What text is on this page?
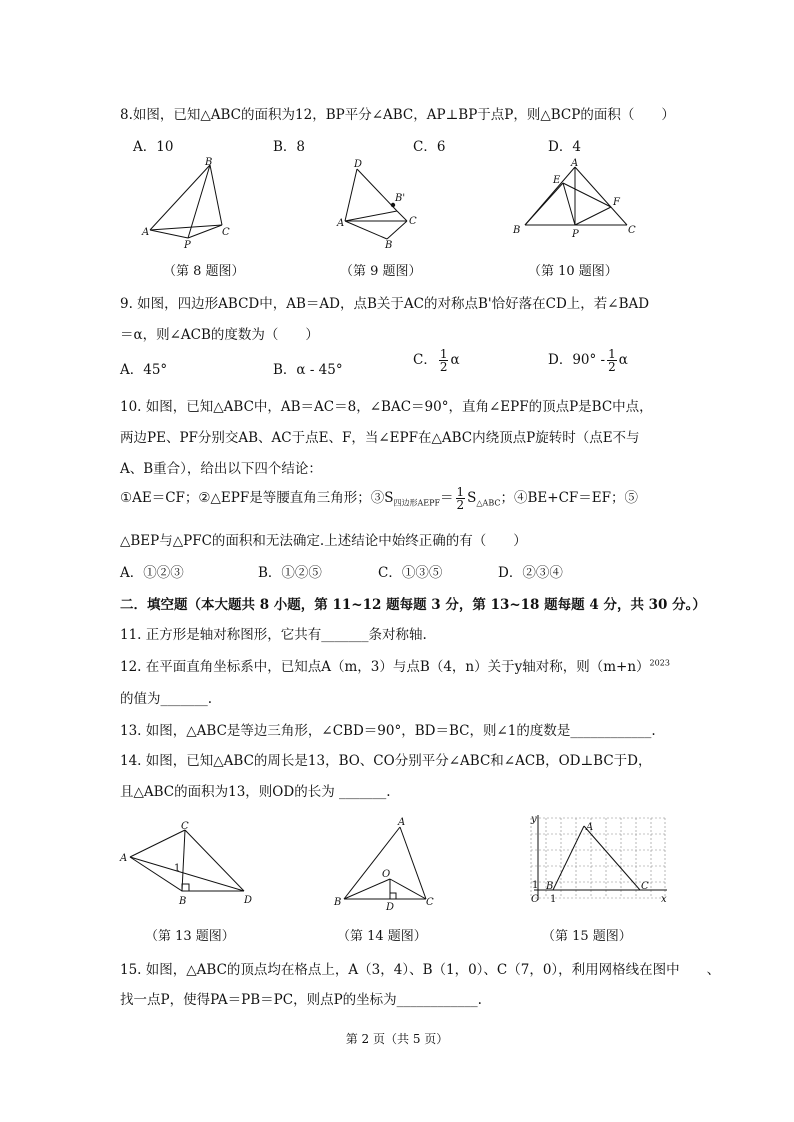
8.如图，已知△ABC的面积为12，BP平分∠ABC，AP⊥BP于点P，则△BCP的面积（　　）
A．10	B．8	C．6	D．4
B
A
P
C
D
B'
A	C
B
A
E
F
B	P	C
（第 8 题图）	（第 9 题图）	（第 10 题图）
9. 如图，四边形ABCD中，AB＝AD，点B关于AC的对称点B'恰好落在CD上，若∠BAD
＝α，则∠ACB的度数为（　　）
A．45°	B．α - 45°
C． $\frac{1}{2}$ α	D．$90^\circ - \frac{1}{2}$ α
10. 如图，已知△ABC中，AB＝AC＝8，∠BAC＝90°，直角∠EPF的顶点P是BC中点，
两边PE、PF分别交AB、AC于点E、F，当∠EPF在△ABC内绕顶点P旋转时（点E不与
A、B重合），给出以下四个结论：
①AE＝CF；②△EPF是等腰直角三角形；$③S_{四边形AEPF}= \frac{1}{2} S_{\triangle ABC}$；④BE+CF＝EF；⑤
△BEP与△PFC的面积和无法确定.上述结论中始终正确的有（　　）
A．①②③	B．①②⑤	C．①③⑤	D．②③④
二．填空题（本大题共 8 小题，第 11~12 题每题 3 分，第 13~18 题每题 4 分，共 30 分。）
11. 正方形是轴对称图形，它共有_______条对称轴.
12. 在平面直角坐标系中，已知点A（m，3）与点B（4，n）关于y轴对称，则$(m+n)^{2023}$
的值为_______.
13. 如图，△ABC是等边三角形，∠CBD＝90°，BD＝BC，则∠1的度数是____________.
14. 如图，已知△ABC的周长是13，BO、CO分别平分∠ABC和∠ACB，OD⊥BC于D，
且△ABC的面积为13，则OD的长为 _______.
C
A
1
B	D
A
O
B	D	C
y
A
1 B	C
O 1	x
（第 13 题图）	（第 14 题图）	（第 15 题图）
15. 如图，△ABC的顶点均在格点上，A（3，4）、B（1，0）、C（7，0），利用网格线在图中　　、
找一点P，使得PA＝PB＝PC，则点P的坐标为____________.
第 2 页（共 5 页）
